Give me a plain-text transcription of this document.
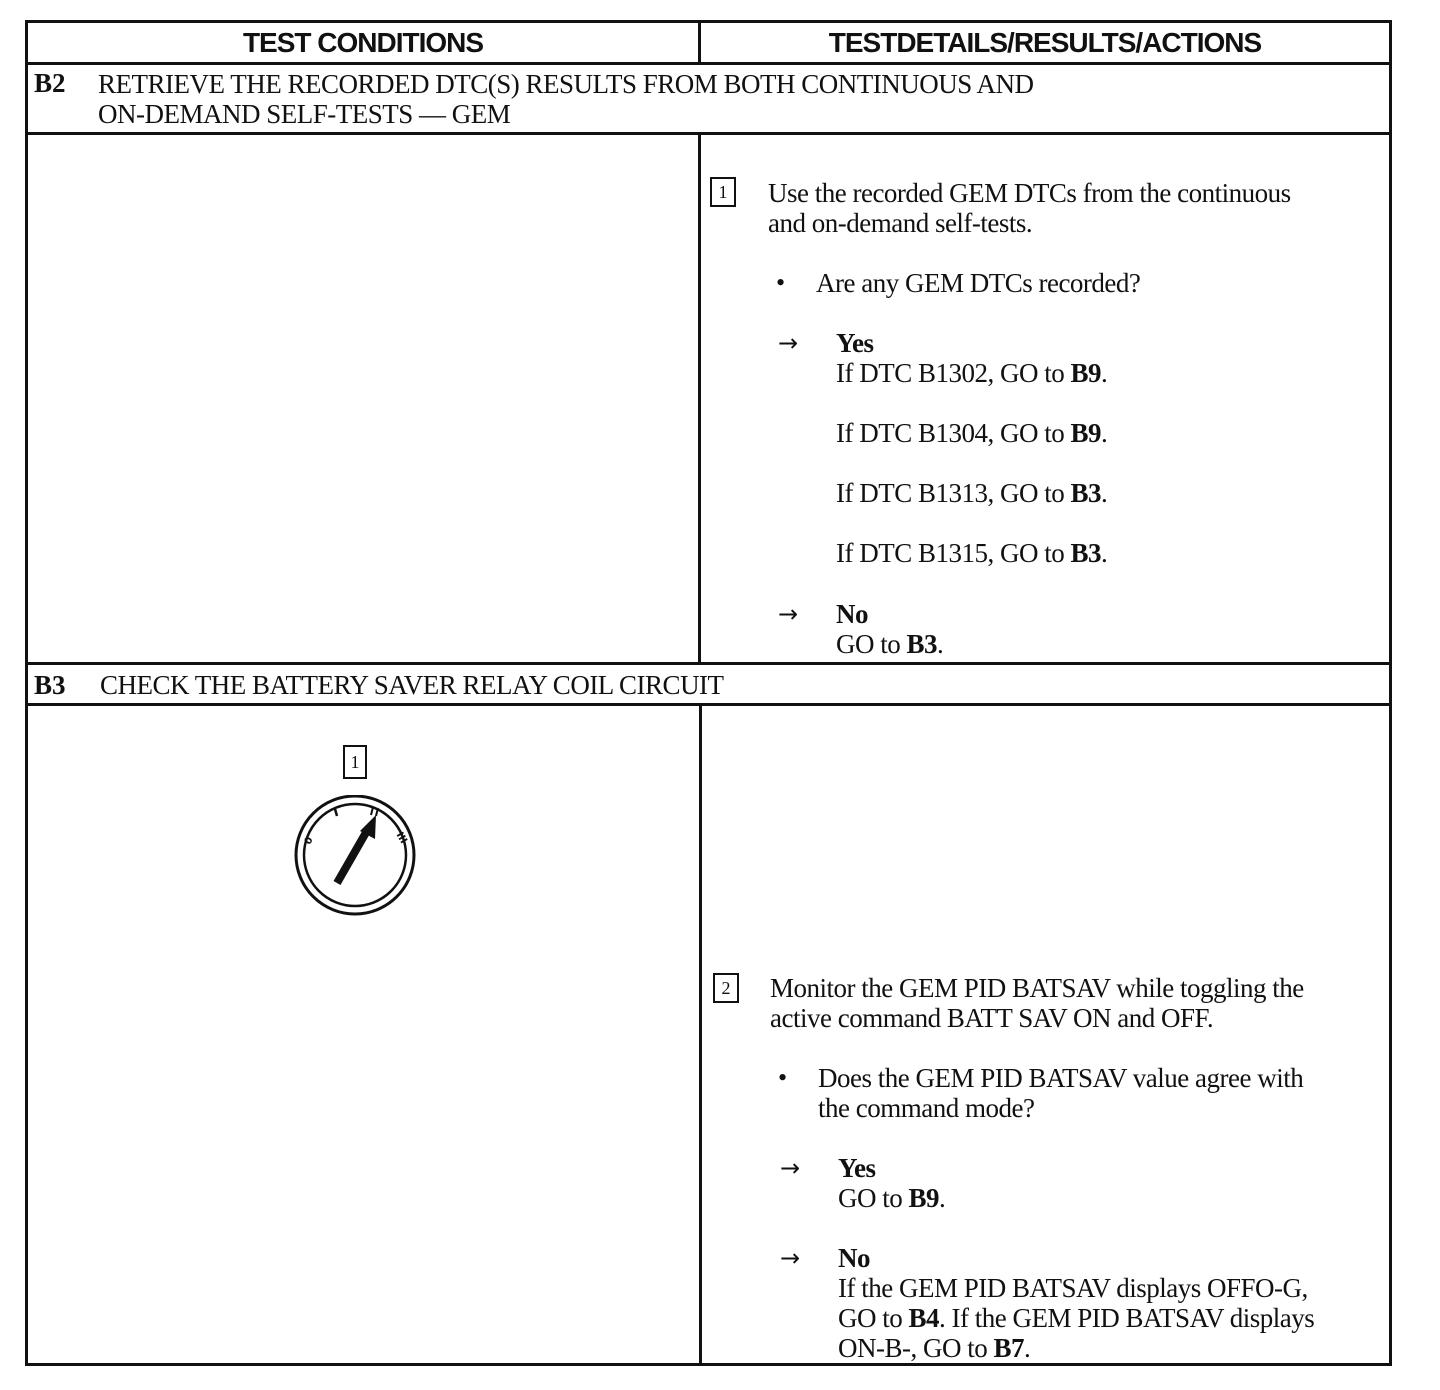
TEST CONDITIONS	TESTDETAILS/RESULTS/ACTIONS
B2 RETRIEVE THE RECORDED DTC(S) RESULTS FROM BOTH CONTINUOUS AND
ON-DEMAND SELF-TESTS — GEM
1	Use the recorded GEM DTCs from the continuous
and on-demand self-tests.
• Are any GEM DTCs recorded?
→ Yes
If DTC B1302, GO to B9.
If DTC B1304, GO to B9.
If DTC B1313, GO to B3.
If DTC B1315, GO to B3.
→ No
GO to B3.
B3 CHECK THE BATTERY SAVER RELAY COIL CIRCUIT
1
0	III
2	Monitor the GEM PID BATSAV while toggling the
active command BATT SAV ON and OFF.
• Does the GEM PID BATSAV value agree with
the command mode?
→ Yes
GO to B9.
→ No
If the GEM PID BATSAV displays OFFO-G,
GO to B4. If the GEM PID BATSAV displays
ON-B-, GO to B7.
